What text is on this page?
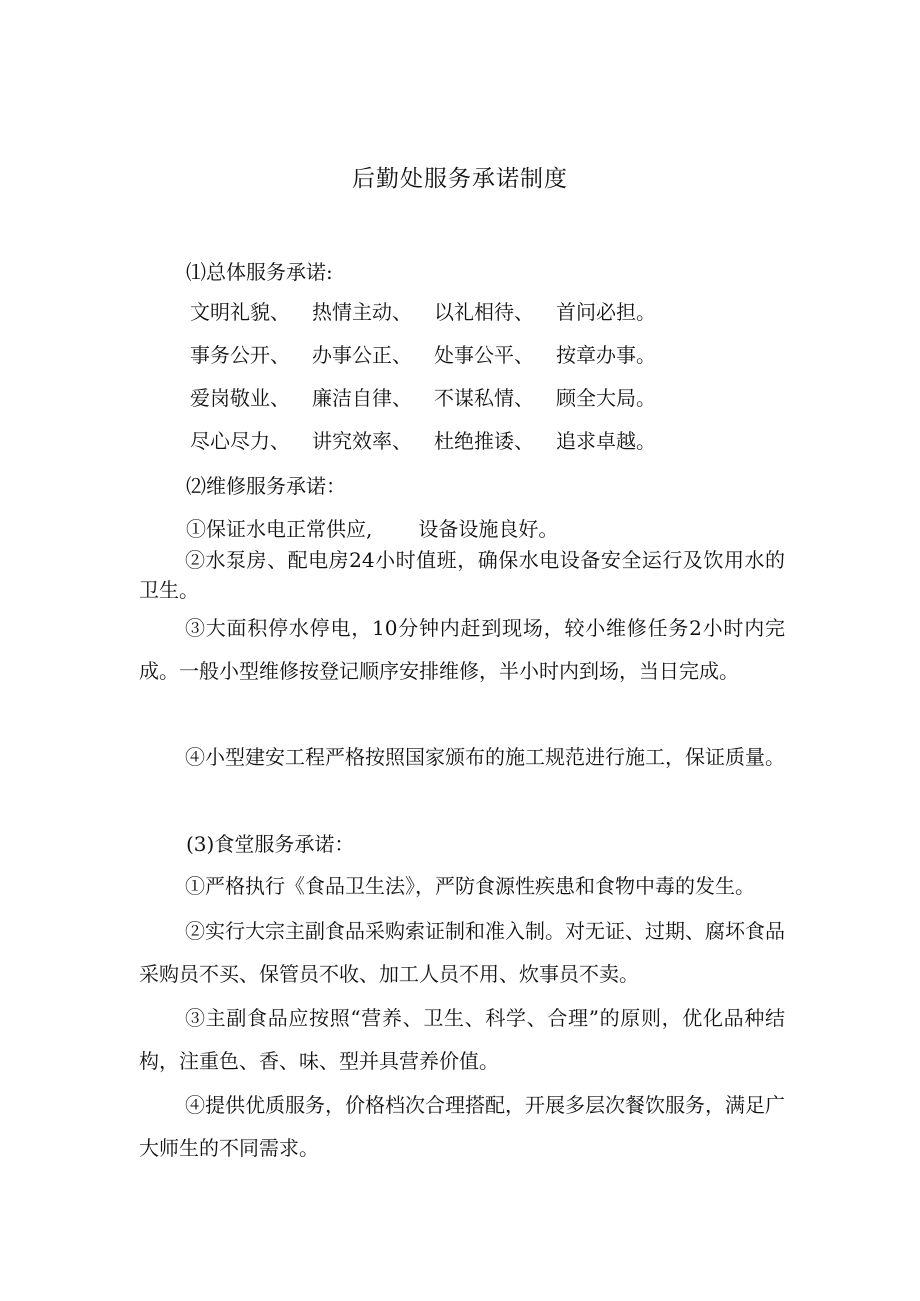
后勤处服务承诺制度
⑴总体服务承诺:
文明礼貌、 热情主动、 以礼相待、 首问必担。
事务公开、 办事公正、 处事公平、 按章办事。
爱岗敬业、 廉洁自律、 不谋私情、 顾全大局。
尽心尽力、 讲究效率、 杜绝推诿、 追求卓越。
⑵维修服务承诺：
①保证水电正常供应, 设备设施良好。

②水泵房、配电房24小时值班，确保水电设备安全运行及饮用水的卫生。

③大面积停水停电，10分钟内赶到现场，较小维修任务2小时内完成。一般小型维修按登记顺序安排维修，半小时内到场，当日完成。

④小型建安工程严格按照国家颁布的施工规范进行施工，保证质量。

(3)食堂服务承诺：

①严格执行《食品卫生法》，严防食源性疾患和食物中毒的发生。

②实行大宗主副食品采购索证制和准入制。对无证、过期、腐坏食品采购员不买、保管员不收、加工人员不用、炊事员不卖。

③主副食品应按照“营养、卫生、科学、合理”的原则，优化品种结构，注重色、香、味、型并具营养价值。

④提供优质服务，价格档次合理搭配，开展多层次餐饮服务，满足广大师生的不同需求。
